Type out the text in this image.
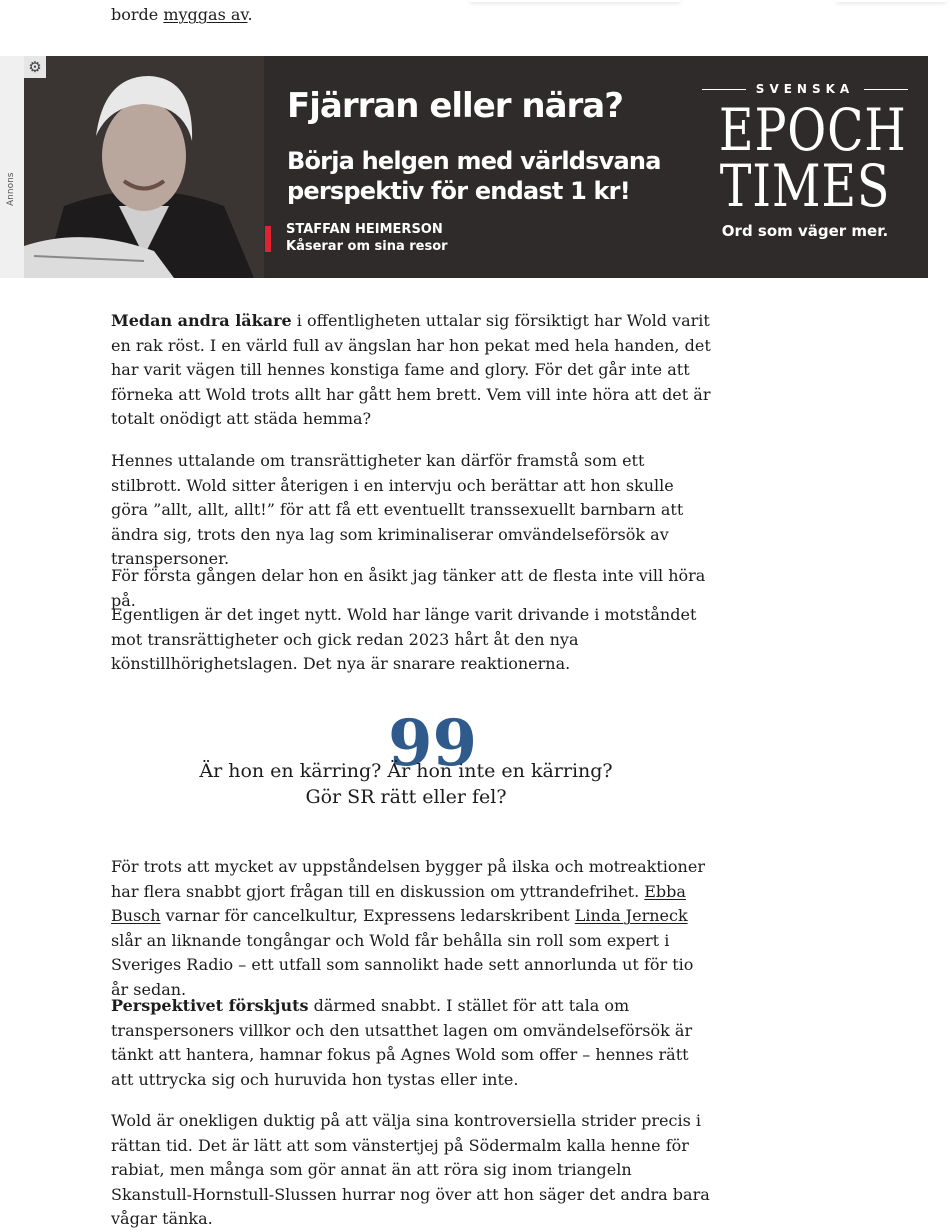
borde myggas av.

Annons
⚙
Fjärran eller nära?
Börja helgen med världsvana perspektiv för endast 1 kr!
STAFFAN HEIMERSON
Kåserar om sina resor
SVENSKA
EPOCH
TIMES
Ord som väger mer.

Medan andra läkare i offentligheten uttalar sig försiktigt har Wold varit en rak röst. I en värld full av ängslan har hon pekat med hela handen, det har varit vägen till hennes konstiga fame and glory. För det går inte att förneka att Wold trots allt har gått hem brett. Vem vill inte höra att det är totalt onödigt att städa hemma?

Hennes uttalande om transrättigheter kan därför framstå som ett stilbrott. Wold sitter återigen i en intervju och berättar att hon skulle göra ”allt, allt, allt!” för att få ett eventuellt transsexuellt barnbarn att ändra sig, trots den nya lag som kriminaliserar omvändelseförsök av transpersoner.

För första gången delar hon en åsikt jag tänker att de flesta inte vill höra på.

Egentligen är det inget nytt. Wold har länge varit drivande i motståndet mot transrättigheter och gick redan 2023 hårt åt den nya könstillhörighetslagen. Det nya är snarare reaktionerna.

99
Är hon en kärring? Är hon inte en kärring?
Gör SR rätt eller fel?

För trots att mycket av uppståndelsen bygger på ilska och motreaktioner har flera snabbt gjort frågan till en diskussion om yttrandefrihet. Ebba Busch varnar för cancelkultur, Expressens ledarskribent Linda Jerneck slår an liknande tongångar och Wold får behålla sin roll som expert i Sveriges Radio – ett utfall som sannolikt hade sett annorlunda ut för tio år sedan.

Perspektivet förskjuts därmed snabbt. I stället för att tala om transpersoners villkor och den utsatthet lagen om omvändelseförsök är tänkt att hantera, hamnar fokus på Agnes Wold som offer – hennes rätt att uttrycka sig och huruvida hon tystas eller inte.

Wold är onekligen duktig på att välja sina kontroversiella strider precis i rättan tid. Det är lätt att som vänstertjej på Södermalm kalla henne för rabiat, men många som gör annat än att röra sig inom triangeln Skanstull-Hornstull-Slussen hurrar nog över att hon säger det andra bara vågar tänka.
